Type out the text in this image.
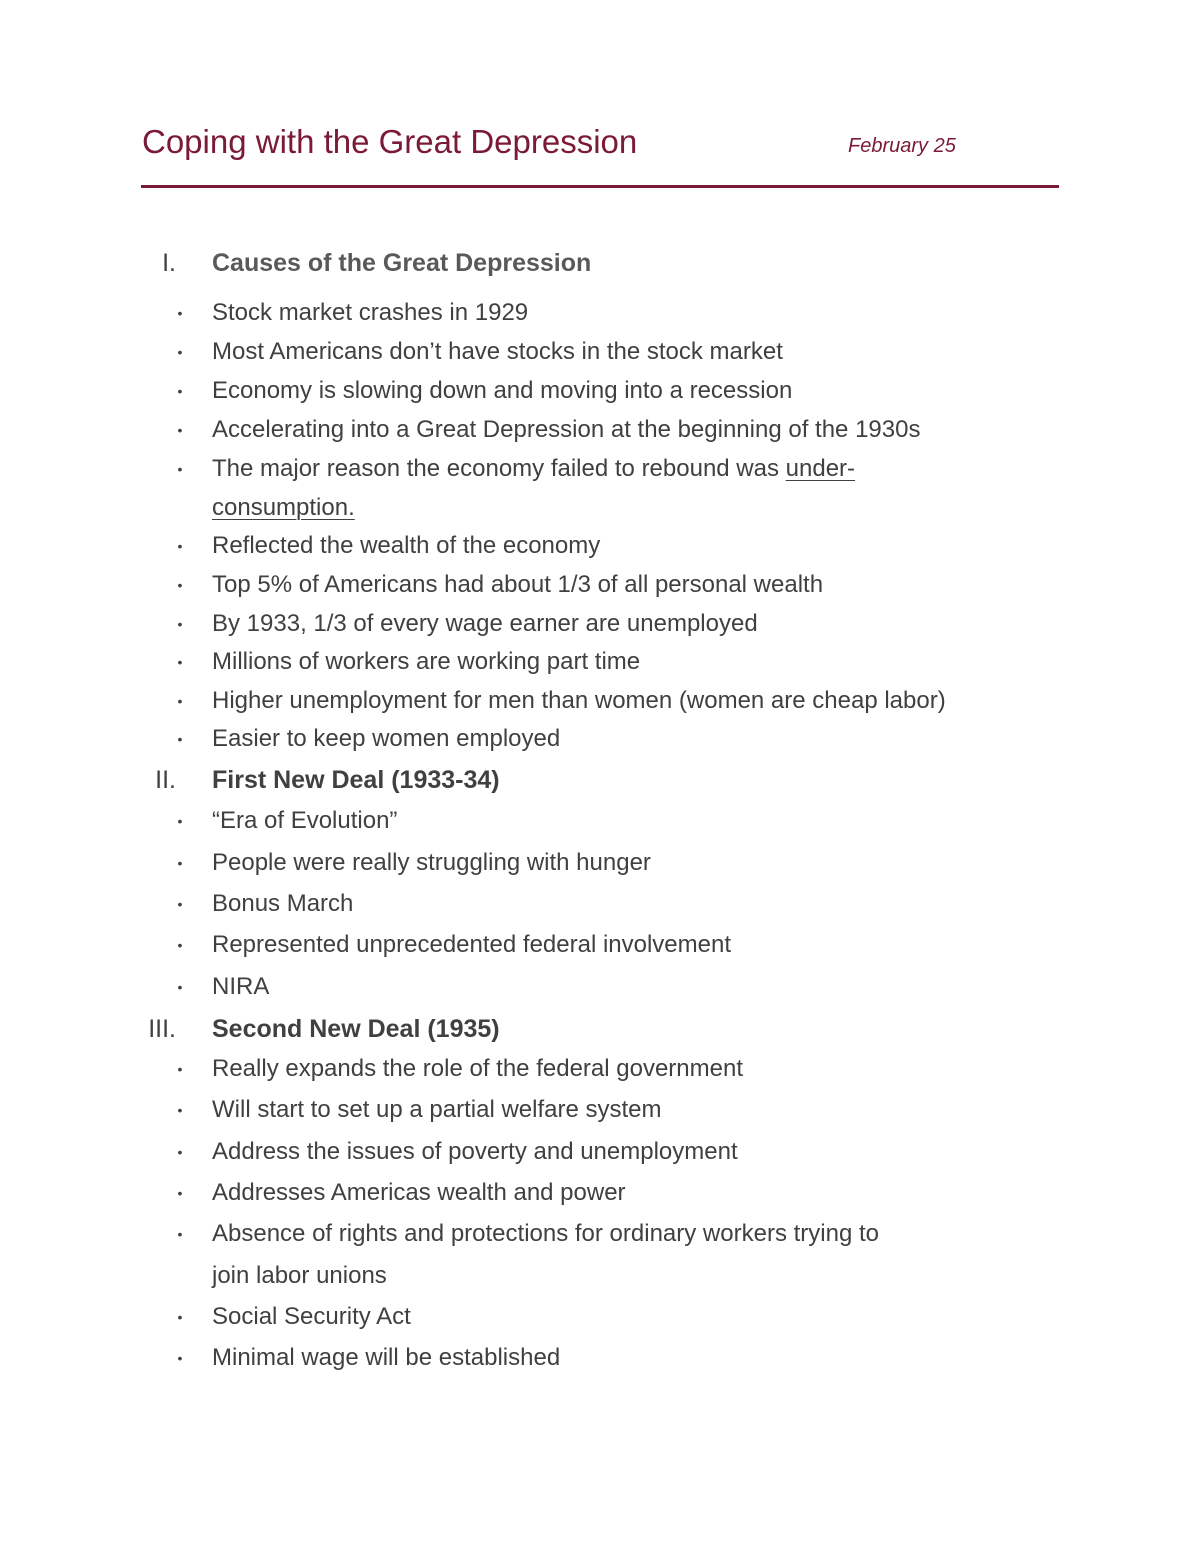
Coping with the Great Depression	February 25
I. Causes of the Great Depression
• Stock market crashes in 1929
• Most Americans don’t have stocks in the stock market
• Economy is slowing down and moving into a recession
• Accelerating into a Great Depression at the beginning of the 1930s
• The major reason the economy failed to rebound was under-
consumption.
• Reflected the wealth of the economy
• Top 5% of Americans had about 1/3 of all personal wealth
• By 1933, 1/3 of every wage earner are unemployed
• Millions of workers are working part time
• Higher unemployment for men than women (women are cheap labor)
• Easier to keep women employed
II. First New Deal (1933-34)
• “Era of Evolution”
• People were really struggling with hunger
• Bonus March
• Represented unprecedented federal involvement
• NIRA
III. Second New Deal (1935)
• Really expands the role of the federal government
• Will start to set up a partial welfare system
• Address the issues of poverty and unemployment
• Addresses Americas wealth and power
• Absence of rights and protections for ordinary workers trying to
join labor unions
• Social Security Act
• Minimal wage will be established
